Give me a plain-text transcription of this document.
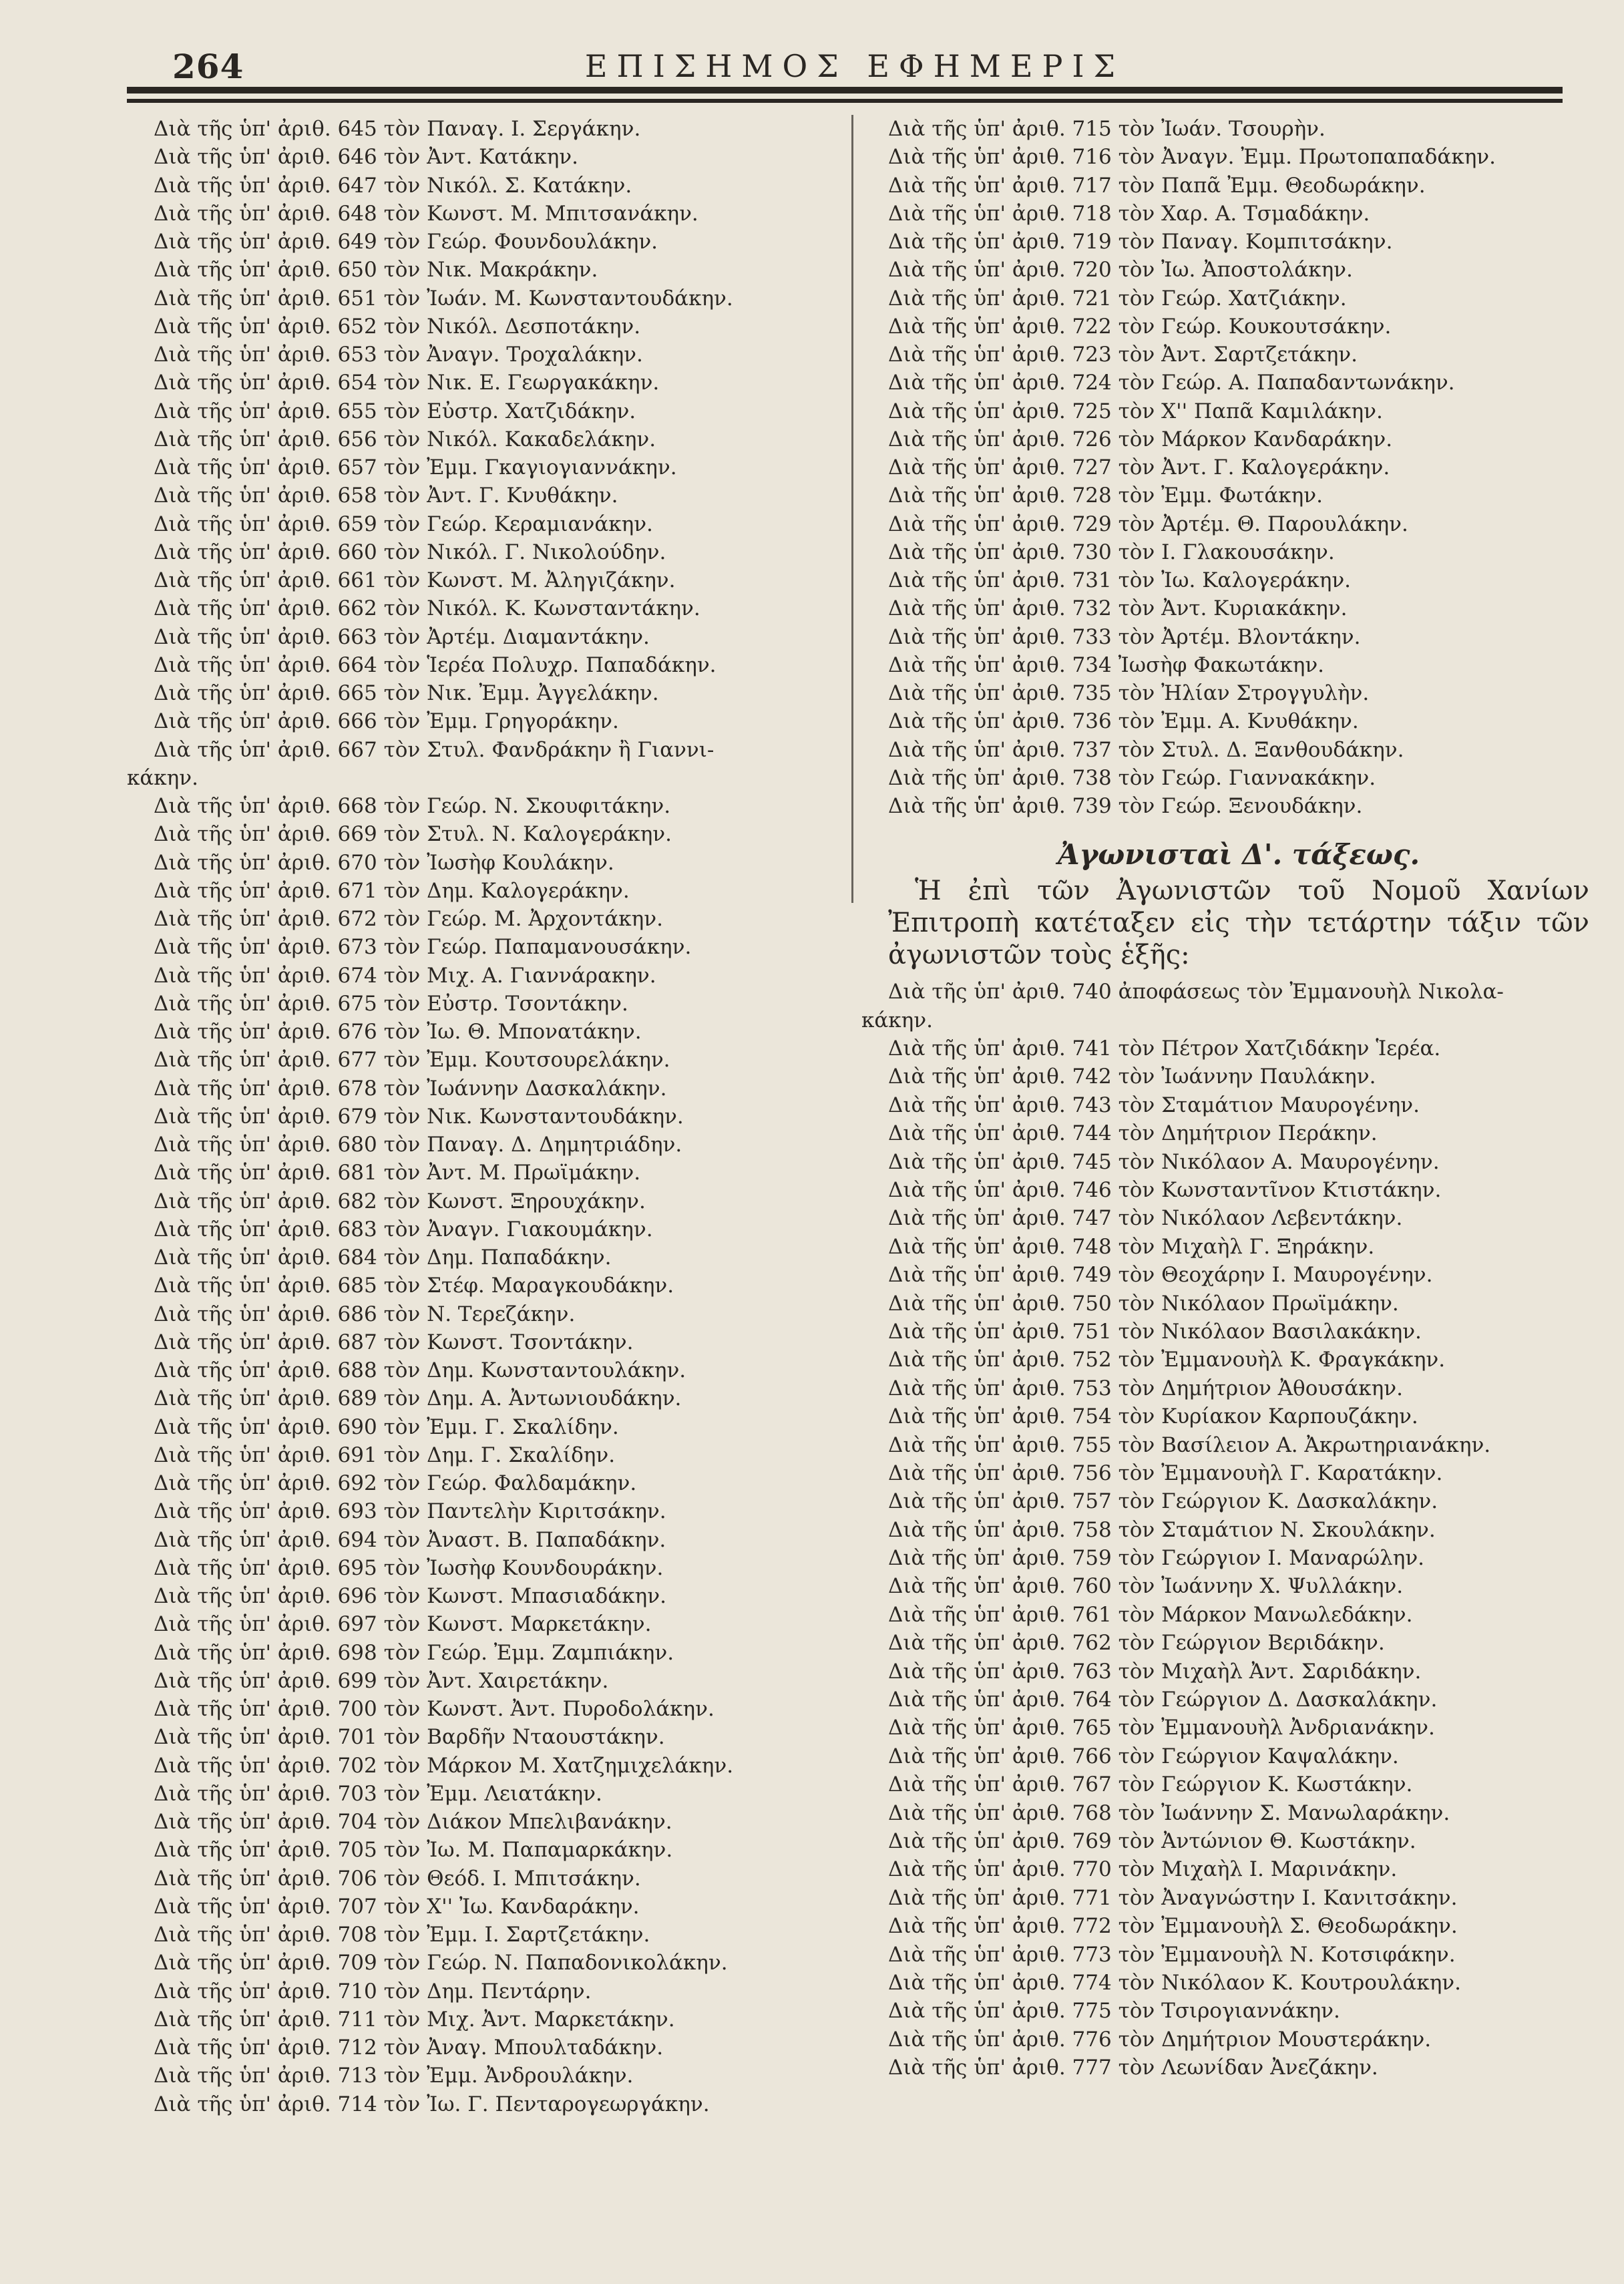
264	ΕΠΙΣΗΜΟΣ ΕΦΗΜΕΡΙΣ
Διὰ τῆς ὑπ' ἀριθ. 645 τὸν Παναγ. Ι. Σεργάκην.
Διὰ τῆς ὑπ' ἀριθ. 646 τὸν Ἀντ. Κατάκην.
Διὰ τῆς ὑπ' ἀριθ. 647 τὸν Νικόλ. Σ. Κατάκην.
Διὰ τῆς ὑπ' ἀριθ. 648 τὸν Κωνστ. Μ. Μπιτσανάκην.
Διὰ τῆς ὑπ' ἀριθ. 649 τὸν Γεώρ. Φουνδουλάκην.
Διὰ τῆς ὑπ' ἀριθ. 650 τὸν Νικ. Μακράκην.
Διὰ τῆς ὑπ' ἀριθ. 651 τὸν Ἰωάν. Μ. Κωνσταντουδάκην.
Διὰ τῆς ὑπ' ἀριθ. 652 τὸν Νικόλ. Δεσποτάκην.
Διὰ τῆς ὑπ' ἀριθ. 653 τὸν Ἀναγν. Τροχαλάκην.
Διὰ τῆς ὑπ' ἀριθ. 654 τὸν Νικ. Ε. Γεωργακάκην.
Διὰ τῆς ὑπ' ἀριθ. 655 τὸν Εὐστρ. Χατζιδάκην.
Διὰ τῆς ὑπ' ἀριθ. 656 τὸν Νικόλ. Κακαδελάκην.
Διὰ τῆς ὑπ' ἀριθ. 657 τὸν Ἐμμ. Γκαγιογιαννάκην.
Διὰ τῆς ὑπ' ἀριθ. 658 τὸν Ἀντ. Γ. Κνυθάκην.
Διὰ τῆς ὑπ' ἀριθ. 659 τὸν Γεώρ. Κεραμιανάκην.
Διὰ τῆς ὑπ' ἀριθ. 660 τὸν Νικόλ. Γ. Νικολούδην.
Διὰ τῆς ὑπ' ἀριθ. 661 τὸν Κωνστ. Μ. Ἀληγιζάκην.
Διὰ τῆς ὑπ' ἀριθ. 662 τὸν Νικόλ. Κ. Κωνσταντάκην.
Διὰ τῆς ὑπ' ἀριθ. 663 τὸν Ἀρτέμ. Διαμαντάκην.
Διὰ τῆς ὑπ' ἀριθ. 664 τὸν Ἱερέα Πολυχρ. Παπαδάκην.
Διὰ τῆς ὑπ' ἀριθ. 665 τὸν Νικ. Ἐμμ. Ἀγγελάκην.
Διὰ τῆς ὑπ' ἀριθ. 666 τὸν Ἐμμ. Γρηγοράκην.
Διὰ τῆς ὑπ' ἀριθ. 667 τὸν Στυλ. Φανδράκην ἢ Γιαννι-
κάκην.
Διὰ τῆς ὑπ' ἀριθ. 668 τὸν Γεώρ. Ν. Σκουφιτάκην.
Διὰ τῆς ὑπ' ἀριθ. 669 τὸν Στυλ. Ν. Καλογεράκην.
Διὰ τῆς ὑπ' ἀριθ. 670 τὸν Ἰωσὴφ Κουλάκην.
Διὰ τῆς ὑπ' ἀριθ. 671 τὸν Δημ. Καλογεράκην.
Διὰ τῆς ὑπ' ἀριθ. 672 τὸν Γεώρ. Μ. Ἀρχοντάκην.
Διὰ τῆς ὑπ' ἀριθ. 673 τὸν Γεώρ. Παπαμανουσάκην.
Διὰ τῆς ὑπ' ἀριθ. 674 τὸν Μιχ. Α. Γιαννάρακην.
Διὰ τῆς ὑπ' ἀριθ. 675 τὸν Εὐστρ. Τσοντάκην.
Διὰ τῆς ὑπ' ἀριθ. 676 τὸν Ἰω. Θ. Μπονατάκην.
Διὰ τῆς ὑπ' ἀριθ. 677 τὸν Ἐμμ. Κουτσουρελάκην.
Διὰ τῆς ὑπ' ἀριθ. 678 τὸν Ἰωάννην Δασκαλάκην.
Διὰ τῆς ὑπ' ἀριθ. 679 τὸν Νικ. Κωνσταντουδάκην.
Διὰ τῆς ὑπ' ἀριθ. 680 τὸν Παναγ. Δ. Δημητριάδην.
Διὰ τῆς ὑπ' ἀριθ. 681 τὸν Ἀντ. Μ. Πρωϊμάκην.
Διὰ τῆς ὑπ' ἀριθ. 682 τὸν Κωνστ. Ξηρουχάκην.
Διὰ τῆς ὑπ' ἀριθ. 683 τὸν Ἀναγν. Γιακουμάκην.
Διὰ τῆς ὑπ' ἀριθ. 684 τὸν Δημ. Παπαδάκην.
Διὰ τῆς ὑπ' ἀριθ. 685 τὸν Στέφ. Μαραγκουδάκην.
Διὰ τῆς ὑπ' ἀριθ. 686 τὸν Ν. Τερεζάκην.
Διὰ τῆς ὑπ' ἀριθ. 687 τὸν Κωνστ. Τσοντάκην.
Διὰ τῆς ὑπ' ἀριθ. 688 τὸν Δημ. Κωνσταντουλάκην.
Διὰ τῆς ὑπ' ἀριθ. 689 τὸν Δημ. Α. Ἀντωνιουδάκην.
Διὰ τῆς ὑπ' ἀριθ. 690 τὸν Ἐμμ. Γ. Σκαλίδην.
Διὰ τῆς ὑπ' ἀριθ. 691 τὸν Δημ. Γ. Σκαλίδην.
Διὰ τῆς ὑπ' ἀριθ. 692 τὸν Γεώρ. Φαλδαμάκην.
Διὰ τῆς ὑπ' ἀριθ. 693 τὸν Παντελὴν Κιριτσάκην.
Διὰ τῆς ὑπ' ἀριθ. 694 τὸν Ἀναστ. Β. Παπαδάκην.
Διὰ τῆς ὑπ' ἀριθ. 695 τὸν Ἰωσὴφ Κουνδουράκην.
Διὰ τῆς ὑπ' ἀριθ. 696 τὸν Κωνστ. Μπασιαδάκην.
Διὰ τῆς ὑπ' ἀριθ. 697 τὸν Κωνστ. Μαρκετάκην.
Διὰ τῆς ὑπ' ἀριθ. 698 τὸν Γεώρ. Ἐμμ. Ζαμπιάκην.
Διὰ τῆς ὑπ' ἀριθ. 699 τὸν Ἀντ. Χαιρετάκην.
Διὰ τῆς ὑπ' ἀριθ. 700 τὸν Κωνστ. Ἀντ. Πυροδολάκην.
Διὰ τῆς ὑπ' ἀριθ. 701 τὸν Βαρδῆν Νταουστάκην.
Διὰ τῆς ὑπ' ἀριθ. 702 τὸν Μάρκον Μ. Χατζημιχελάκην.
Διὰ τῆς ὑπ' ἀριθ. 703 τὸν Ἐμμ. Λειατάκην.
Διὰ τῆς ὑπ' ἀριθ. 704 τὸν Διάκον Μπελιβανάκην.
Διὰ τῆς ὑπ' ἀριθ. 705 τὸν Ἰω. Μ. Παπαμαρκάκην.
Διὰ τῆς ὑπ' ἀριθ. 706 τὸν Θεόδ. Ι. Μπιτσάκην.
Διὰ τῆς ὑπ' ἀριθ. 707 τὸν Χ'' Ἰω. Κανδαράκην.
Διὰ τῆς ὑπ' ἀριθ. 708 τὸν Ἐμμ. Ι. Σαρτζετάκην.
Διὰ τῆς ὑπ' ἀριθ. 709 τὸν Γεώρ. Ν. Παπαδονικολάκην.
Διὰ τῆς ὑπ' ἀριθ. 710 τὸν Δημ. Πεντάρην.
Διὰ τῆς ὑπ' ἀριθ. 711 τὸν Μιχ. Ἀντ. Μαρκετάκην.
Διὰ τῆς ὑπ' ἀριθ. 712 τὸν Ἀναγ. Μπουλταδάκην.
Διὰ τῆς ὑπ' ἀριθ. 713 τὸν Ἐμμ. Ἀνδρουλάκην.
Διὰ τῆς ὑπ' ἀριθ. 714 τὸν Ἰω. Γ. Πενταρογεωργάκην.
Διὰ τῆς ὑπ' ἀριθ. 715 τὸν Ἰωάν. Τσουρὴν.
Διὰ τῆς ὑπ' ἀριθ. 716 τὸν Ἀναγν. Ἐμμ. Πρωτοπαπαδάκην.
Διὰ τῆς ὑπ' ἀριθ. 717 τὸν Παπᾶ Ἐμμ. Θεοδωράκην.
Διὰ τῆς ὑπ' ἀριθ. 718 τὸν Χαρ. Α. Τσμαδάκην.
Διὰ τῆς ὑπ' ἀριθ. 719 τὸν Παναγ. Κομπιτσάκην.
Διὰ τῆς ὑπ' ἀριθ. 720 τὸν Ἰω. Ἀποστολάκην.
Διὰ τῆς ὑπ' ἀριθ. 721 τὸν Γεώρ. Χατζιάκην.
Διὰ τῆς ὑπ' ἀριθ. 722 τὸν Γεώρ. Κουκουτσάκην.
Διὰ τῆς ὑπ' ἀριθ. 723 τὸν Ἀντ. Σαρτζετάκην.
Διὰ τῆς ὑπ' ἀριθ. 724 τὸν Γεώρ. Α. Παπαδαντωνάκην.
Διὰ τῆς ὑπ' ἀριθ. 725 τὸν Χ'' Παπᾶ Καμιλάκην.
Διὰ τῆς ὑπ' ἀριθ. 726 τὸν Μάρκον Κανδαράκην.
Διὰ τῆς ὑπ' ἀριθ. 727 τὸν Ἀντ. Γ. Καλογεράκην.
Διὰ τῆς ὑπ' ἀριθ. 728 τὸν Ἐμμ. Φωτάκην.
Διὰ τῆς ὑπ' ἀριθ. 729 τὸν Ἀρτέμ. Θ. Παρουλάκην.
Διὰ τῆς ὑπ' ἀριθ. 730 τὸν Ι. Γλακουσάκην.
Διὰ τῆς ὑπ' ἀριθ. 731 τὸν Ἰω. Καλογεράκην.
Διὰ τῆς ὑπ' ἀριθ. 732 τὸν Ἀντ. Κυριακάκην.
Διὰ τῆς ὑπ' ἀριθ. 733 τὸν Ἀρτέμ. Βλοντάκην.
Διὰ τῆς ὑπ' ἀριθ. 734 Ἰωσὴφ Φακωτάκην.
Διὰ τῆς ὑπ' ἀριθ. 735 τὸν Ἠλίαν Στρογγυλὴν.
Διὰ τῆς ὑπ' ἀριθ. 736 τὸν Ἐμμ. Α. Κνυθάκην.
Διὰ τῆς ὑπ' ἀριθ. 737 τὸν Στυλ. Δ. Ξανθουδάκην.
Διὰ τῆς ὑπ' ἀριθ. 738 τὸν Γεώρ. Γιαννακάκην.
Διὰ τῆς ὑπ' ἀριθ. 739 τὸν Γεώρ. Ξενουδάκην.
Ἀγωνισταὶ Δ'. τάξεως.
Ἡ ἐπὶ τῶν Ἀγωνιστῶν τοῦ Νομοῦ Χανίων Ἐπιτροπὴ κατέταξεν εἰς τὴν τετάρτην τάξιν τῶν ἀγωνιστῶν τοὺς ἑξῆς:
Διὰ τῆς ὑπ' ἀριθ. 740 ἀποφάσεως τὸν Ἐμμανουὴλ Νικολα-
κάκην.
Διὰ τῆς ὑπ' ἀριθ. 741 τὸν Πέτρον Χατζιδάκην Ἱερέα.
Διὰ τῆς ὑπ' ἀριθ. 742 τὸν Ἰωάννην Παυλάκην.
Διὰ τῆς ὑπ' ἀριθ. 743 τὸν Σταμάτιον Μαυρογένην.
Διὰ τῆς ὑπ' ἀριθ. 744 τὸν Δημήτριον Περάκην.
Διὰ τῆς ὑπ' ἀριθ. 745 τὸν Νικόλαον Α. Μαυρογένην.
Διὰ τῆς ὑπ' ἀριθ. 746 τὸν Κωνσταντῖνον Κτιστάκην.
Διὰ τῆς ὑπ' ἀριθ. 747 τὸν Νικόλαον Λεβεντάκην.
Διὰ τῆς ὑπ' ἀριθ. 748 τὸν Μιχαὴλ Γ. Ξηράκην.
Διὰ τῆς ὑπ' ἀριθ. 749 τὸν Θεοχάρην Ι. Μαυρογένην.
Διὰ τῆς ὑπ' ἀριθ. 750 τὸν Νικόλαον Πρωϊμάκην.
Διὰ τῆς ὑπ' ἀριθ. 751 τὸν Νικόλαον Βασιλακάκην.
Διὰ τῆς ὑπ' ἀριθ. 752 τὸν Ἐμμανουὴλ Κ. Φραγκάκην.
Διὰ τῆς ὑπ' ἀριθ. 753 τὸν Δημήτριον Ἀθουσάκην.
Διὰ τῆς ὑπ' ἀριθ. 754 τὸν Κυρίακον Καρπουζάκην.
Διὰ τῆς ὑπ' ἀριθ. 755 τὸν Βασίλειον Α. Ἀκρωτηριανάκην.
Διὰ τῆς ὑπ' ἀριθ. 756 τὸν Ἐμμανουὴλ Γ. Καρατάκην.
Διὰ τῆς ὑπ' ἀριθ. 757 τὸν Γεώργιον Κ. Δασκαλάκην.
Διὰ τῆς ὑπ' ἀριθ. 758 τὸν Σταμάτιον Ν. Σκουλάκην.
Διὰ τῆς ὑπ' ἀριθ. 759 τὸν Γεώργιον Ι. Μαναρώλην.
Διὰ τῆς ὑπ' ἀριθ. 760 τὸν Ἰωάννην Χ. Ψυλλάκην.
Διὰ τῆς ὑπ' ἀριθ. 761 τὸν Μάρκον Μανωλεδάκην.
Διὰ τῆς ὑπ' ἀριθ. 762 τὸν Γεώργιον Βεριδάκην.
Διὰ τῆς ὑπ' ἀριθ. 763 τὸν Μιχαὴλ Ἀντ. Σαριδάκην.
Διὰ τῆς ὑπ' ἀριθ. 764 τὸν Γεώργιον Δ. Δασκαλάκην.
Διὰ τῆς ὑπ' ἀριθ. 765 τὸν Ἐμμανουὴλ Ἀνδριανάκην.
Διὰ τῆς ὑπ' ἀριθ. 766 τὸν Γεώργιον Καψαλάκην.
Διὰ τῆς ὑπ' ἀριθ. 767 τὸν Γεώργιον Κ. Κωστάκην.
Διὰ τῆς ὑπ' ἀριθ. 768 τὸν Ἰωάννην Σ. Μανωλαράκην.
Διὰ τῆς ὑπ' ἀριθ. 769 τὸν Ἀντώνιον Θ. Κωστάκην.
Διὰ τῆς ὑπ' ἀριθ. 770 τὸν Μιχαὴλ Ι. Μαρινάκην.
Διὰ τῆς ὑπ' ἀριθ. 771 τὸν Ἀναγνώστην Ι. Κανιτσάκην.
Διὰ τῆς ὑπ' ἀριθ. 772 τὸν Ἐμμανουὴλ Σ. Θεοδωράκην.
Διὰ τῆς ὑπ' ἀριθ. 773 τὸν Ἐμμανουὴλ Ν. Κοτσιφάκην.
Διὰ τῆς ὑπ' ἀριθ. 774 τὸν Νικόλαον Κ. Κουτρουλάκην.
Διὰ τῆς ὑπ' ἀριθ. 775 τὸν Τσιρογιαννάκην.
Διὰ τῆς ὑπ' ἀριθ. 776 τὸν Δημήτριον Μουστεράκην.
Διὰ τῆς ὑπ' ἀριθ. 777 τὸν Λεωνίδαν Ἀνεζάκην.
